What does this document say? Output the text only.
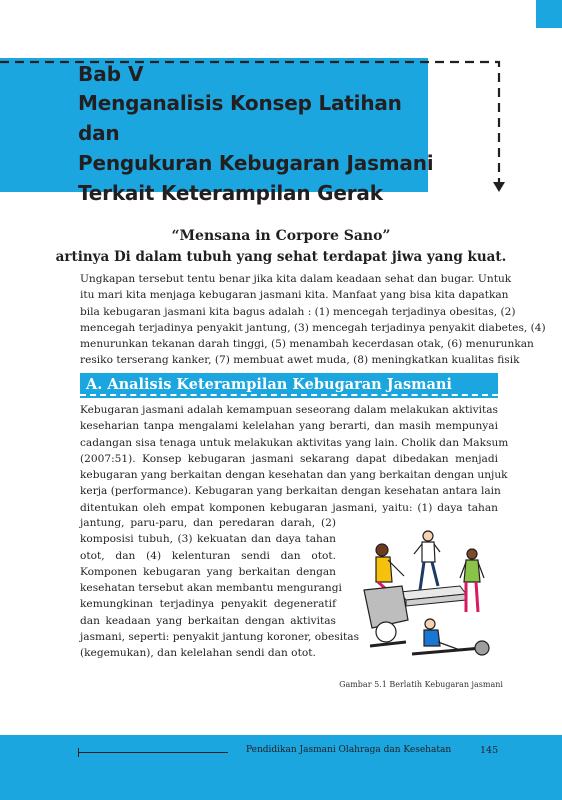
Bab V
Menganalisis Konsep Latihan dan
Pengukuran Kebugaran Jasmani
Terkait Keterampilan Gerak
“Mensana in Corpore Sano”
artinya Di dalam tubuh yang sehat terdapat jiwa yang kuat.
Ungkapan tersebut tentu benar jika kita dalam keadaan sehat dan bugar. Untuk
itu mari kita menjaga kebugaran jasmani kita. Manfaat yang bisa kita dapatkan
bila kebugaran jasmani kita bagus adalah : (1) mencegah terjadinya obesitas, (2)
mencegah terjadinya penyakit jantung, (3) mencegah terjadinya penyakit diabetes, (4)
menurunkan tekanan darah tinggi, (5) menambah kecerdasan otak, (6) menurunkan
resiko terserang kanker, (7) membuat awet muda, (8) meningkatkan kualitas fisik
A. Analisis Keterampilan Kebugaran Jasmani
Kebugaran jasmani adalah kemampuan seseorang dalam melakukan aktivitas
keseharian tanpa mengalami kelelahan yang berarti, dan masih mempunyai
cadangan sisa tenaga untuk melakukan aktivitas yang lain. Cholik dan Maksum
(2007:51). Konsep kebugaran jasmani sekarang dapat dibedakan menjadi
kebugaran yang berkaitan dengan kesehatan dan yang berkaitan dengan unjuk
kerja (performance). Kebugaran yang berkaitan dengan kesehatan antara lain
ditentukan oleh empat komponen kebugaran jasmani, yaitu: (1) daya tahan
jantung, paru-paru, dan peredaran darah, (2)
komposisi tubuh, (3) kekuatan dan daya tahan
otot, dan (4) kelenturan sendi dan otot.
Komponen kebugaran yang berkaitan dengan
kesehatan tersebut akan membantu mengurangi
kemungkinan terjadinya penyakit degeneratif
dan keadaan yang berkaitan dengan aktivitas
jasmani, seperti: penyakit jantung koroner, obesitas
(kegemukan), dan kelelahan sendi dan otot.
Gambar 5.1 Berlatih Kebugaran jasmani
Pendidikan Jasmani Olahraga dan Kesehatan	145
